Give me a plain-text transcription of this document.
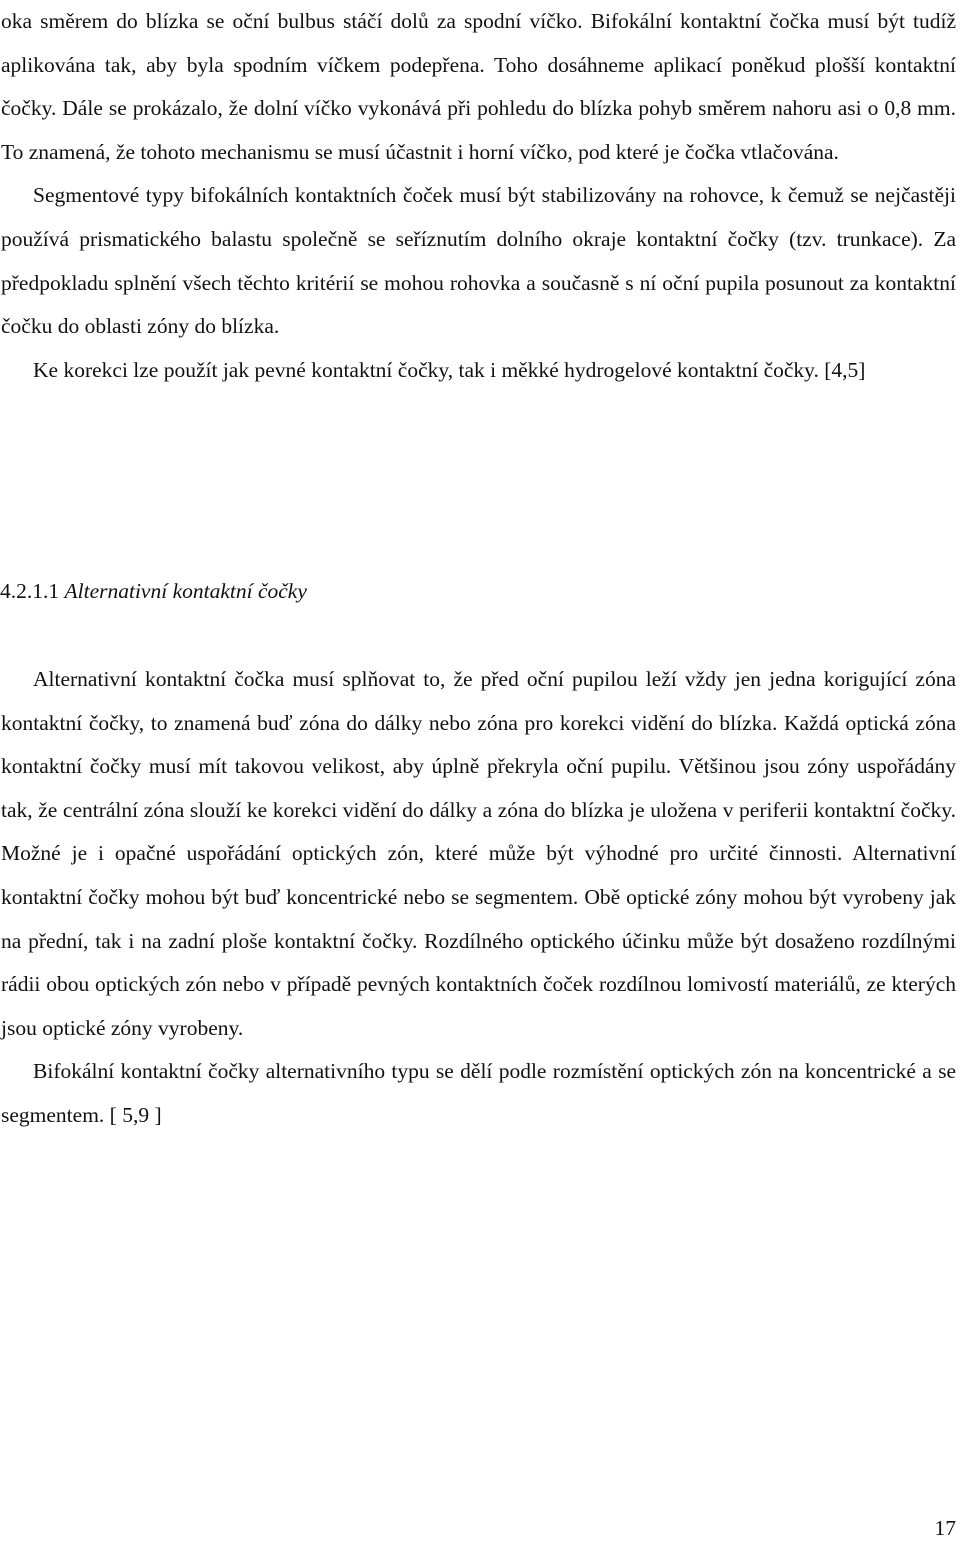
oka směrem do blízka se oční bulbus stáčí dolů za spodní víčko. Bifokální kontaktní čočka musí být tudíž aplikována tak, aby byla spodním víčkem podepřena. Toho dosáhneme aplikací poněkud plošší kontaktní čočky. Dále se prokázalo, že dolní víčko vykonává při pohledu do blízka pohyb směrem nahoru asi o 0,8 mm. To znamená, že tohoto mechanismu se musí účastnit i horní víčko, pod které je čočka vtlačována.

Segmentové typy bifokálních kontaktních čoček musí být stabilizovány na rohovce, k čemuž se nejčastěji používá prismatického balastu společně se seříznutím dolního okraje kontaktní čočky (tzv. trunkace). Za předpokladu splnění všech těchto kritérií se mohou rohovka a současně s ní oční pupila posunout za kontaktní čočku do oblasti zóny do blízka.

Ke korekci lze použít jak pevné kontaktní čočky, tak i měkké hydrogelové kontaktní čočky. [4,5]

4.2.1.1 Alternativní kontaktní čočky

Alternativní kontaktní čočka musí splňovat to, že před oční pupilou leží vždy jen jedna korigující zóna kontaktní čočky, to znamená buď zóna do dálky nebo zóna pro korekci vidění do blízka. Každá optická zóna kontaktní čočky musí mít takovou velikost, aby úplně překryla oční pupilu. Většinou jsou zóny uspořádány tak, že centrální zóna slouží ke korekci vidění do dálky a zóna do blízka je uložena v periferii kontaktní čočky. Možné je i opačné uspořádání optických zón, které může být výhodné pro určité činnosti. Alternativní kontaktní čočky mohou být buď koncentrické nebo se segmentem. Obě optické zóny mohou být vyrobeny jak na přední, tak i na zadní ploše kontaktní čočky. Rozdílného optického účinku může být dosaženo rozdílnými rádii obou optických zón nebo v případě pevných kontaktních čoček rozdílnou lomivostí materiálů, ze kterých jsou optické zóny vyrobeny.

Bifokální kontaktní čočky alternativního typu se dělí podle rozmístění optických zón na koncentrické a se segmentem. [ 5,9 ]

17
